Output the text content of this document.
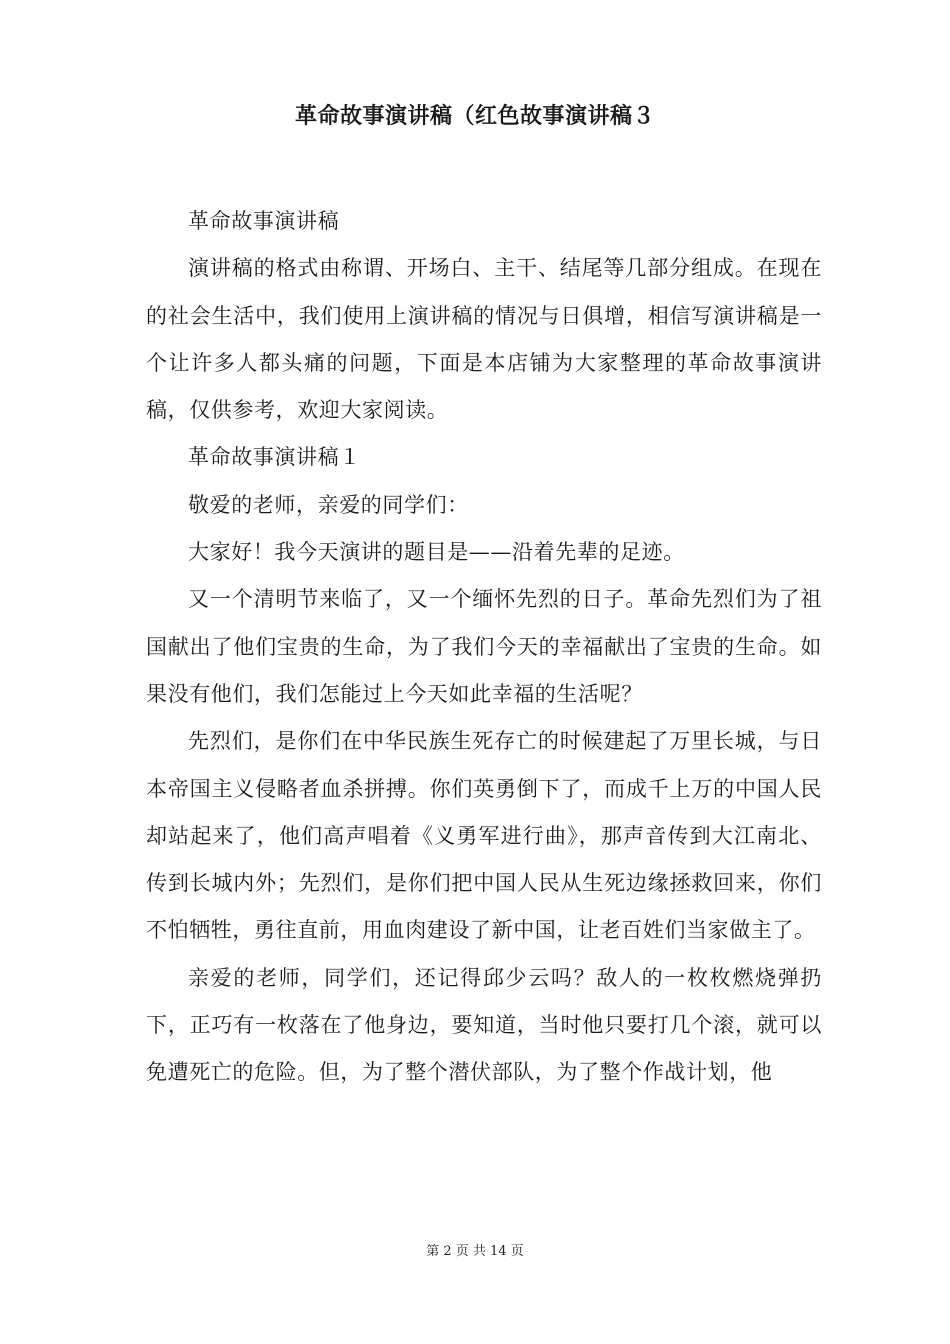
革命故事演讲稿（红色故事演讲稿３

革命故事演讲稿

演讲稿的格式由称谓、开场白、主干、结尾等几部分组成。在现在的社会生活中，我们使用上演讲稿的情况与日俱增，相信写演讲稿是一个让许多人都头痛的问题，下面是本店铺为大家整理的革命故事演讲稿，仅供参考，欢迎大家阅读。

革命故事演讲稿１

敬爱的老师，亲爱的同学们：

大家好！我今天演讲的题目是——沿着先辈的足迹。

又一个清明节来临了，又一个缅怀先烈的日子。革命先烈们为了祖国献出了他们宝贵的生命，为了我们今天的幸福献出了宝贵的生命。如果没有他们，我们怎能过上今天如此幸福的生活呢？

先烈们，是你们在中华民族生死存亡的时候建起了万里长城，与日本帝国主义侵略者血杀拼搏。你们英勇倒下了，而成千上万的中国人民却站起来了，他们高声唱着《义勇军进行曲》，那声音传到大江南北、传到长城内外；先烈们，是你们把中国人民从生死边缘拯救回来，你们不怕牺牲，勇往直前，用血肉建设了新中国，让老百姓们当家做主了。

亲爱的老师，同学们，还记得邱少云吗？敌人的一枚枚燃烧弹扔下，正巧有一枚落在了他身边，要知道，当时他只要打几个滚，就可以免遭死亡的危险。但，为了整个潜伏部队，为了整个作战计划，他

第 2 页 共 14 页
